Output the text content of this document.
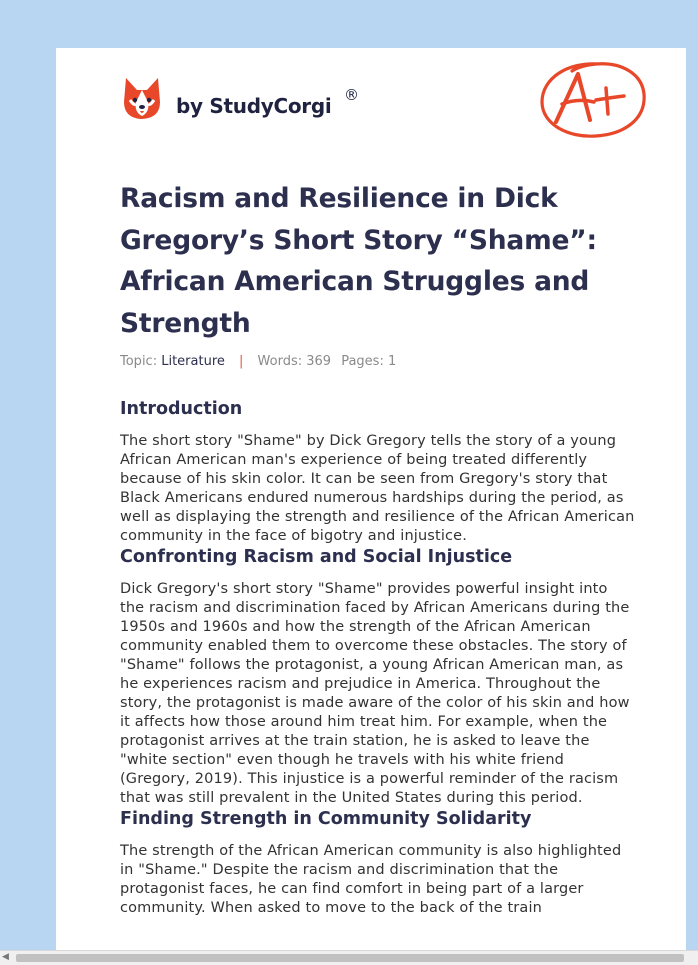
by StudyCorgi ®
Racism and Resilience in Dick Gregory’s Short Story “Shame”: African American Struggles and Strength
Topic: Literature | Words: 369 Pages: 1
Introduction

The short story "Shame" by Dick Gregory tells the story of a young African American man's experience of being treated differently because of his skin color. It can be seen from Gregory's story that Black Americans endured numerous hardships during the period, as well as displaying the strength and resilience of the African American community in the face of bigotry and injustice.

Confronting Racism and Social Injustice

Dick Gregory's short story "Shame" provides powerful insight into the racism and discrimination faced by African Americans during the 1950s and 1960s and how the strength of the African American community enabled them to overcome these obstacles. The story of "Shame" follows the protagonist, a young African American man, as he experiences racism and prejudice in America. Throughout the story, the protagonist is made aware of the color of his skin and how it affects how those around him treat him. For example, when the protagonist arrives at the train station, he is asked to leave the "white section" even though he travels with his white friend (Gregory, 2019). This injustice is a powerful reminder of the racism that was still prevalent in the United States during this period.

Finding Strength in Community Solidarity

The strength of the African American community is also highlighted in "Shame." Despite the racism and discrimination that the protagonist faces, he can find comfort in being part of a larger community. When asked to move to the back of the train

◀
